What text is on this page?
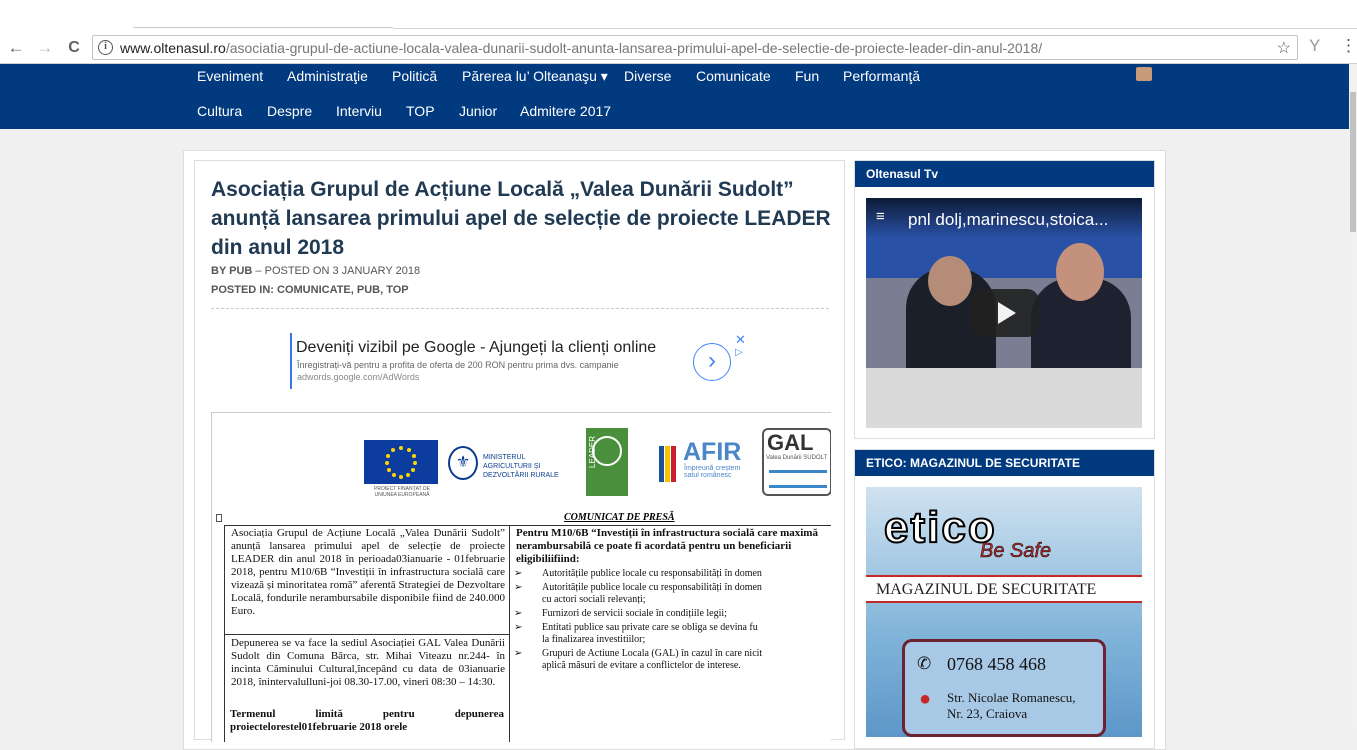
← → C	i www.oltenasul.ro/asociatia-grupul-de-actiune-locala-valea-dunarii-sudolt-anunta-lansarea-primului-apel-de-selectie-de-proiecte-leader-din-anul-2018/	☆ Y ⋮
Eveniment Administraţie Politică Părerea lu’ Olteanaşu ▾ Diverse Comunicate Fun Performanţă
Cultura Despre Interviu TOP Junior Admitere 2017
Asociația Grupul de Acțiune Locală „Valea Dunării Sudolt” anunță lansarea primului apel de selecție de proiecte LEADER din anul 2018
BY PUB – POSTED ON 3 JANUARY 2018
POSTED IN: COMUNICATE, PUB, TOP
Deveniți vizibil pe Google - Ajungeți la clienți online
Înregistrați-vă pentru a profita de oferta de 200 RON pentru prima dvs. campanie
adwords.google.com/AdWords
›
✕
▷
PROIECT FINANȚAT DE UNIUNEA EUROPEANĂ
⚜	MINISTERUL AGRICULTURII ȘI DEZVOLTĂRII RURALE
LEADER	AFIR
Împreună creștem satul românesc
GAL
Valea Dunării SUDOLT
COMUNICAT DE PRESĂ
Asociația Grupul de Acțiune Locală „Valea Dunării Sudolt” anunță lansarea primului apel de selecție de proiecte LEADER din anul 2018 în perioada03ianuarie - 01februarie 2018, pentru M10/6B “Investiții în infrastructura socială care vizează și minoritatea romă” aferentă Strategiei de Dezvoltare Locală, fondurile nerambursabile disponibile fiind de 240.000 Euro.
Depunerea se va face la sediul Asociației GAL Valea Dunării Sudolt din Comuna Bârca, str. Mihai Viteazu nr.244- în incinta Căminului Cultural,începând cu data de 03ianuarie 2018, înintervalulluni-joi 08.30-17.00, vineri 08:30 – 14:30.
Termenul limită pentru depunerea proiectelorestel01februarie 2018 orele
Pentru M10/6B “Investiții în infrastructura socială care maximă nerambursabilă ce poate fi acordată pentru un beneficiarii eligibiliifiind:
➢ Autoritățile publice locale cu responsabilități în domen
➢ Autoritățile publice locale cu responsabilități în domen
cu actori sociali relevanți;
➢ Furnizori de servicii sociale în condițiile legii;
➢ Entitati publice sau private care se obliga se devina fu
la finalizarea investitiilor;
➢ Grupuri de Actiune Locala (GAL) în cazul în care nicit
aplică măsuri de evitare a conflictelor de interese.
Oltenasul Tv
≡ pnl dolj,marinescu,stoica...
ETICO: MAGAZINUL DE SECURITATE
etico
Be Safe
MAGAZINUL DE SECURITATE
✆ 0768 458 468
● Str. Nicolae Romanescu,
Nr. 23, Craiova
